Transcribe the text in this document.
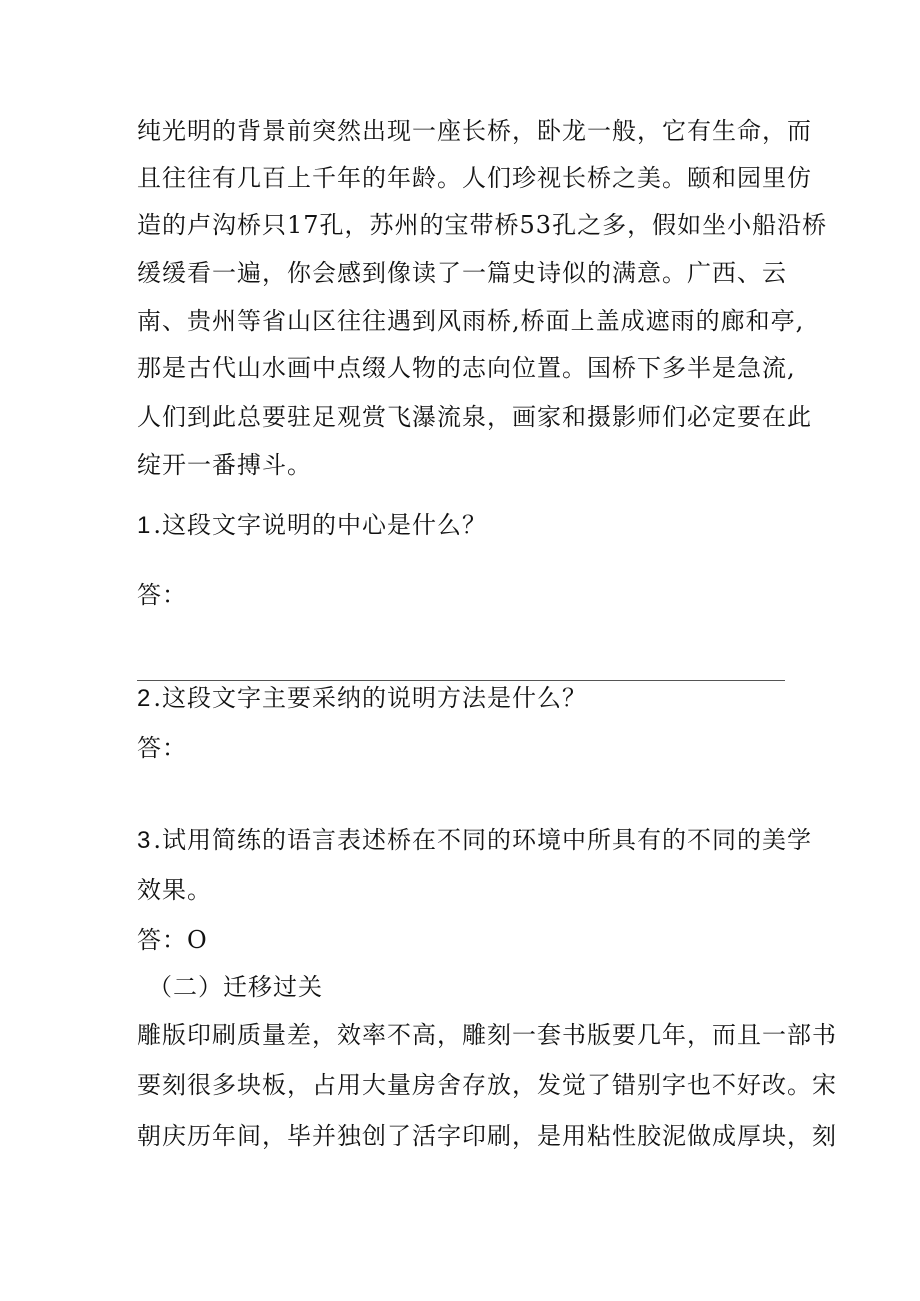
纯光明的背景前突然出现一座长桥，卧龙一般，它有生命，而
且往往有几百上千年的年龄。人们珍视长桥之美。颐和园里仿
造的卢沟桥只17孔，苏州的宝带桥53孔之多，假如坐小船沿桥
缓缓看一遍，你会感到像读了一篇史诗似的满意。广西、云
南、贵州等省山区往往遇到风雨桥,桥面上盖成遮雨的廊和亭,
那是古代山水画中点缀人物的志向位置。国桥下多半是急流,
人们到此总要驻足观赏飞瀑流泉，画家和摄影师们必定要在此
绽开一番搏斗。
1.这段文字说明的中心是什么？
答：
2.这段文字主要采纳的说明方法是什么？
答：
3.试用简练的语言表述桥在不同的环境中所具有的不同的美学
效果。
答：O
（二）迁移过关
雕版印刷质量差，效率不高，雕刻一套书版要几年，而且一部书
要刻很多块板，占用大量房舍存放，发觉了错别字也不好改。宋
朝庆历年间，毕并独创了活字印刷，是用粘性胶泥做成厚块，刻
